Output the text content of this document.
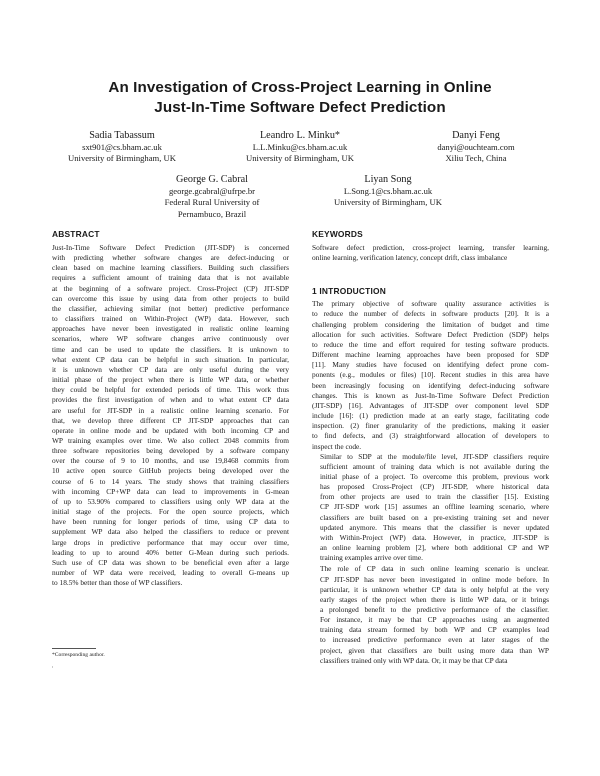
An Investigation of Cross-Project Learning in Online
Just-In-Time Software Defect Prediction
Sadia Tabassum
sxt901@cs.bham.ac.uk
University of Birmingham, UK
Leandro L. Minku*
L.L.Minku@cs.bham.ac.uk
University of Birmingham, UK
Danyi Feng
danyi@ouchteam.com
Xiliu Tech, China
George G. Cabral
george.gcabral@ufrpe.br
Federal Rural University of
Pernambuco, Brazil
Liyan Song
L.Song.1@cs.bham.ac.uk
University of Birmingham, UK
ABSTRACT

Just-In-Time Software Defect Prediction (JIT-SDP) is concerned
with predicting whether software changes are defect-inducing or
clean based on machine learning classifiers. Building such classifiers
requires a sufficient amount of training data that is not available
at the beginning of a software project. Cross-Project (CP) JIT-SDP
can overcome this issue by using data from other projects to build
the classifier, achieving similar (not better) predictive performance
to classifiers trained on Within-Project (WP) data. However, such
approaches have never been investigated in realistic online learning
scenarios, where WP software changes arrive continuously over
time and can be used to update the classifiers. It is unknown to
what extent CP data can be helpful in such situation. In particular,
it is unknown whether CP data are only useful during the very
initial phase of the project when there is little WP data, or whether
they could be helpful for extended periods of time. This work thus
provides the first investigation of when and to what extent CP data
are useful for JIT-SDP in a realistic online learning scenario. For
that, we develop three different CP JIT-SDP approaches that can
operate in online mode and be updated with both incoming CP and
WP training examples over time. We also collect 2048 commits from
three software repositories being developed by a software company
over the course of 9 to 10 months, and use 19,8468 commits from
10 active open source GitHub projects being developed over the
course of 6 to 14 years. The study shows that training classifiers
with incoming CP+WP data can lead to improvements in G-mean
of up to 53.90% compared to classifiers using only WP data at the
initial stage of the projects. For the open source projects, which
have been running for longer periods of time, using CP data to
supplement WP data also helped the classifiers to reduce or prevent
large drops in predictive performance that may occur over time,
leading to up to around 40% better G-Mean during such periods.
Such use of CP data was shown to be beneficial even after a large
number of WP data were received, leading to overall G-means up
to 18.5% better than those of WP classifiers.

*Corresponding author.
'
KEYWORDS

Software defect prediction, cross-project learning, transfer learning,
online learning, verification latency, concept drift, class imbalance

1 INTRODUCTION

The primary objective of software quality assurance activities is
to reduce the number of defects in software products [20]. It is a
challenging problem considering the limitation of budget and time
allocation for such activities. Software Defect Prediction (SDP) helps
to reduce the time and effort required for testing software products.
Different machine learning approaches have been proposed for SDP
[11]. Many studies have focused on identifying defect prone com-
ponents (e.g., modules or files) [10]. Recent studies in this area have
been increasingly focusing on identifying defect-inducing software
changes. This is known as Just-In-Time Software Defect Prediction
(JIT-SDP) [16]. Advantages of JIT-SDP over component level SDP
include [16]: (1) prediction made at an early stage, facilitating code
inspection. (2) finer granularity of the predictions, making it easier
to find defects, and (3) straightforward allocation of developers to
inspect the code.

Similar to SDP at the module/file level, JIT-SDP classifiers require
sufficient amount of training data which is not available during the
initial phase of a project. To overcome this problem, previous work
has proposed Cross-Project (CP) JIT-SDP, where historical data
from other projects are used to train the classifier [15]. Existing
CP JIT-SDP work [15] assumes an offline learning scenario, where
classifiers are built based on a pre-existing training set and never
updated anymore. This means that the classifier is never updated
with Within-Project (WP) data. However, in practice, JIT-SDP is
an online learning problem [2], where both additional CP and WP
training examples arrive over time.

The role of CP data in such online learning scenario is unclear.
CP JIT-SDP has never been investigated in online mode before. In
particular, it is unknown whether CP data is only helpful at the very
early stages of the project when there is little WP data, or it brings
a prolonged benefit to the predictive performance of the classifier.
For instance, it may be that CP approaches using an augmented
training data stream formed by both WP and CP examples lead
to increased predictive performance even at later stages of the
project, given that classifiers are built using more data than WP
classifiers trained only with WP data. Or, it may be that CP data
